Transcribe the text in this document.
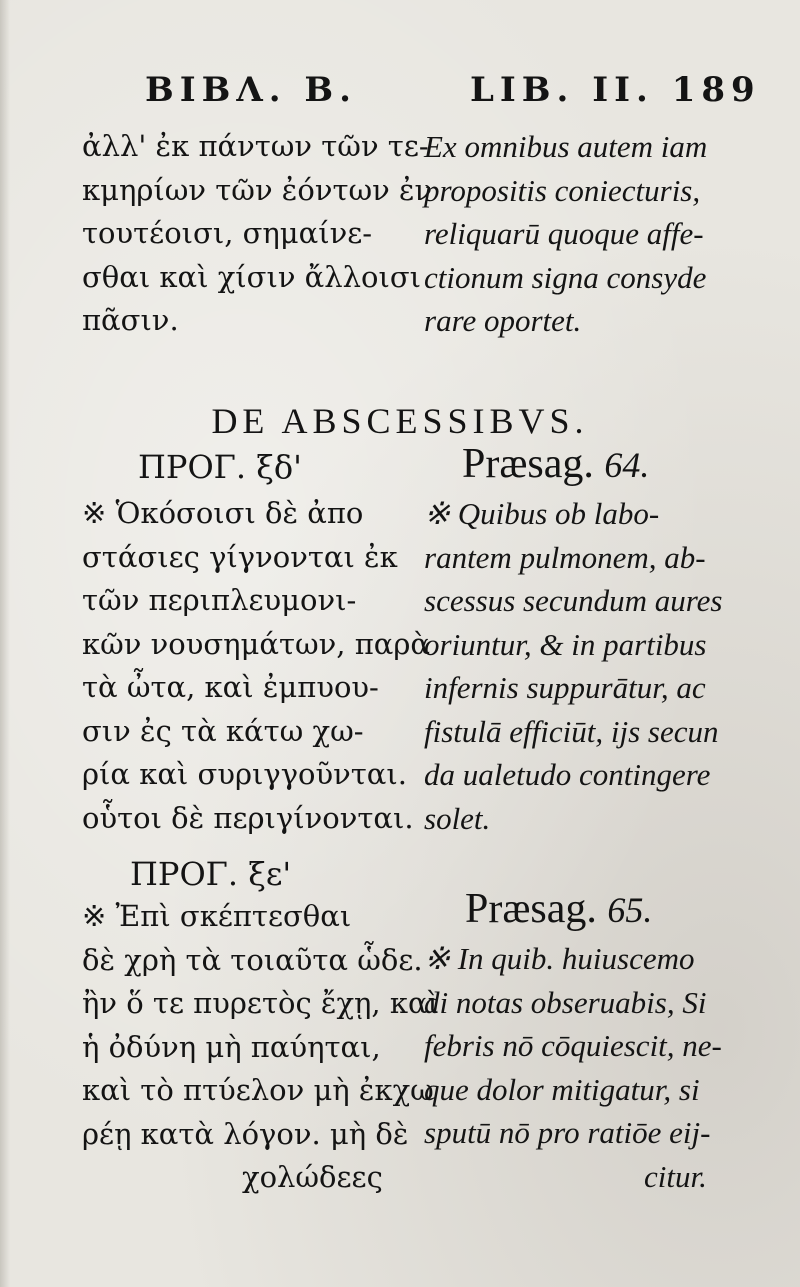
BIBΛ. B.	LIB. II. 189
ἀλλ' ἐκ πάντων τῶν τε-
κμηρίων τῶν ἐόντων ἐν
τουτέοισι, σημαίνε-
σθαι καὶ χίσιν ἄλλοισι
πᾶσιν.
Ex omnibus autem iam
propositis coniecturis,
reliquarū quoque affe-
ctionum signa consyde
rare oportet.
DE ABSCESSIBVS.
ΠΡΟΓ. ξδ'	Præsag. 64.
※ Ὁκόσοισι δὲ ἀπο
στάσιες γίγνονται ἐκ
τῶν περιπλευμονι-
κῶν νουσημάτων, παρὰ
τὰ ὦτα, καὶ ἐμπυου-
σιν ἐς τὰ κάτω χω-
ρία καὶ συριγγοῦνται.
οὗτοι δὲ περιγίνονται.
※ Quibus ob labo-
rantem pulmonem, ab-
scessus secundum aures
oriuntur, & in partibus
infernis suppurātur, ac
fistulā efficiūt, ijs secun
da ualetudo contingere
solet.
ΠΡΟΓ. ξε'
Præsag. 65.
※ Ἐπὶ σκέπτεσθαι
δὲ χρὴ τὰ τοιαῦτα ὧδε.
ἢν ὅ τε πυρετὸς ἔχῃ, καὶ
ἡ ὀδύνη μὴ παύηται,
καὶ τὸ πτύελον μὴ ἐκχω
ρέῃ κατὰ λόγον. μὴ δὲ
χολώδεες
※ In quib. huiuscemo
di notas obseruabis, Si
febris nō cōquiescit, ne-
que dolor mitigatur, si
sputū nō pro ratiōe eij-
citur.
